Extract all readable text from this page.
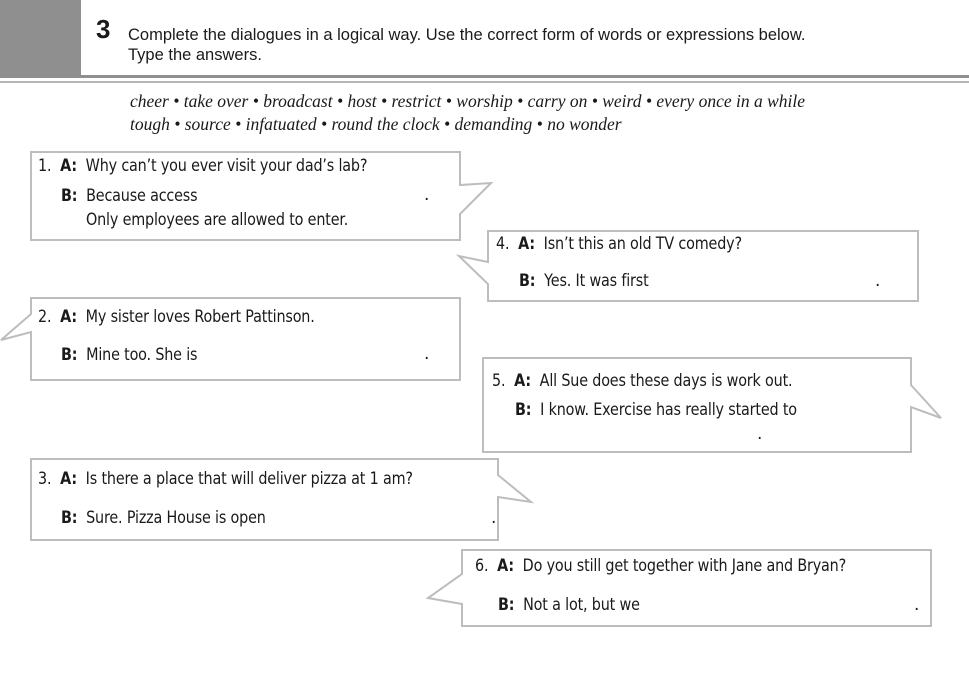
3 Complete the dialogues in a logical way. Use the correct form of words or expressions below.
Type the answers.
cheer • take over • broadcast • host • restrict • worship • carry on • weird • every once in a while
tough • source • infatuated • round the clock • demanding • no wonder
1. A: Why can’t you ever visit your dad’s lab?
B: Because access	.
Only employees are allowed to enter.
2. A: My sister loves Robert Pattinson.
B: Mine too. She is	.
3. A: Is there a place that will deliver pizza at 1 am?
B: Sure. Pizza House is open	.
4. A: Isn’t this an old TV comedy?
B: Yes. It was first	.
5. A: All Sue does these days is work out.
B: I know. Exercise has really started to
.
6. A: Do you still get together with Jane and Bryan?
B: Not a lot, but we	.
